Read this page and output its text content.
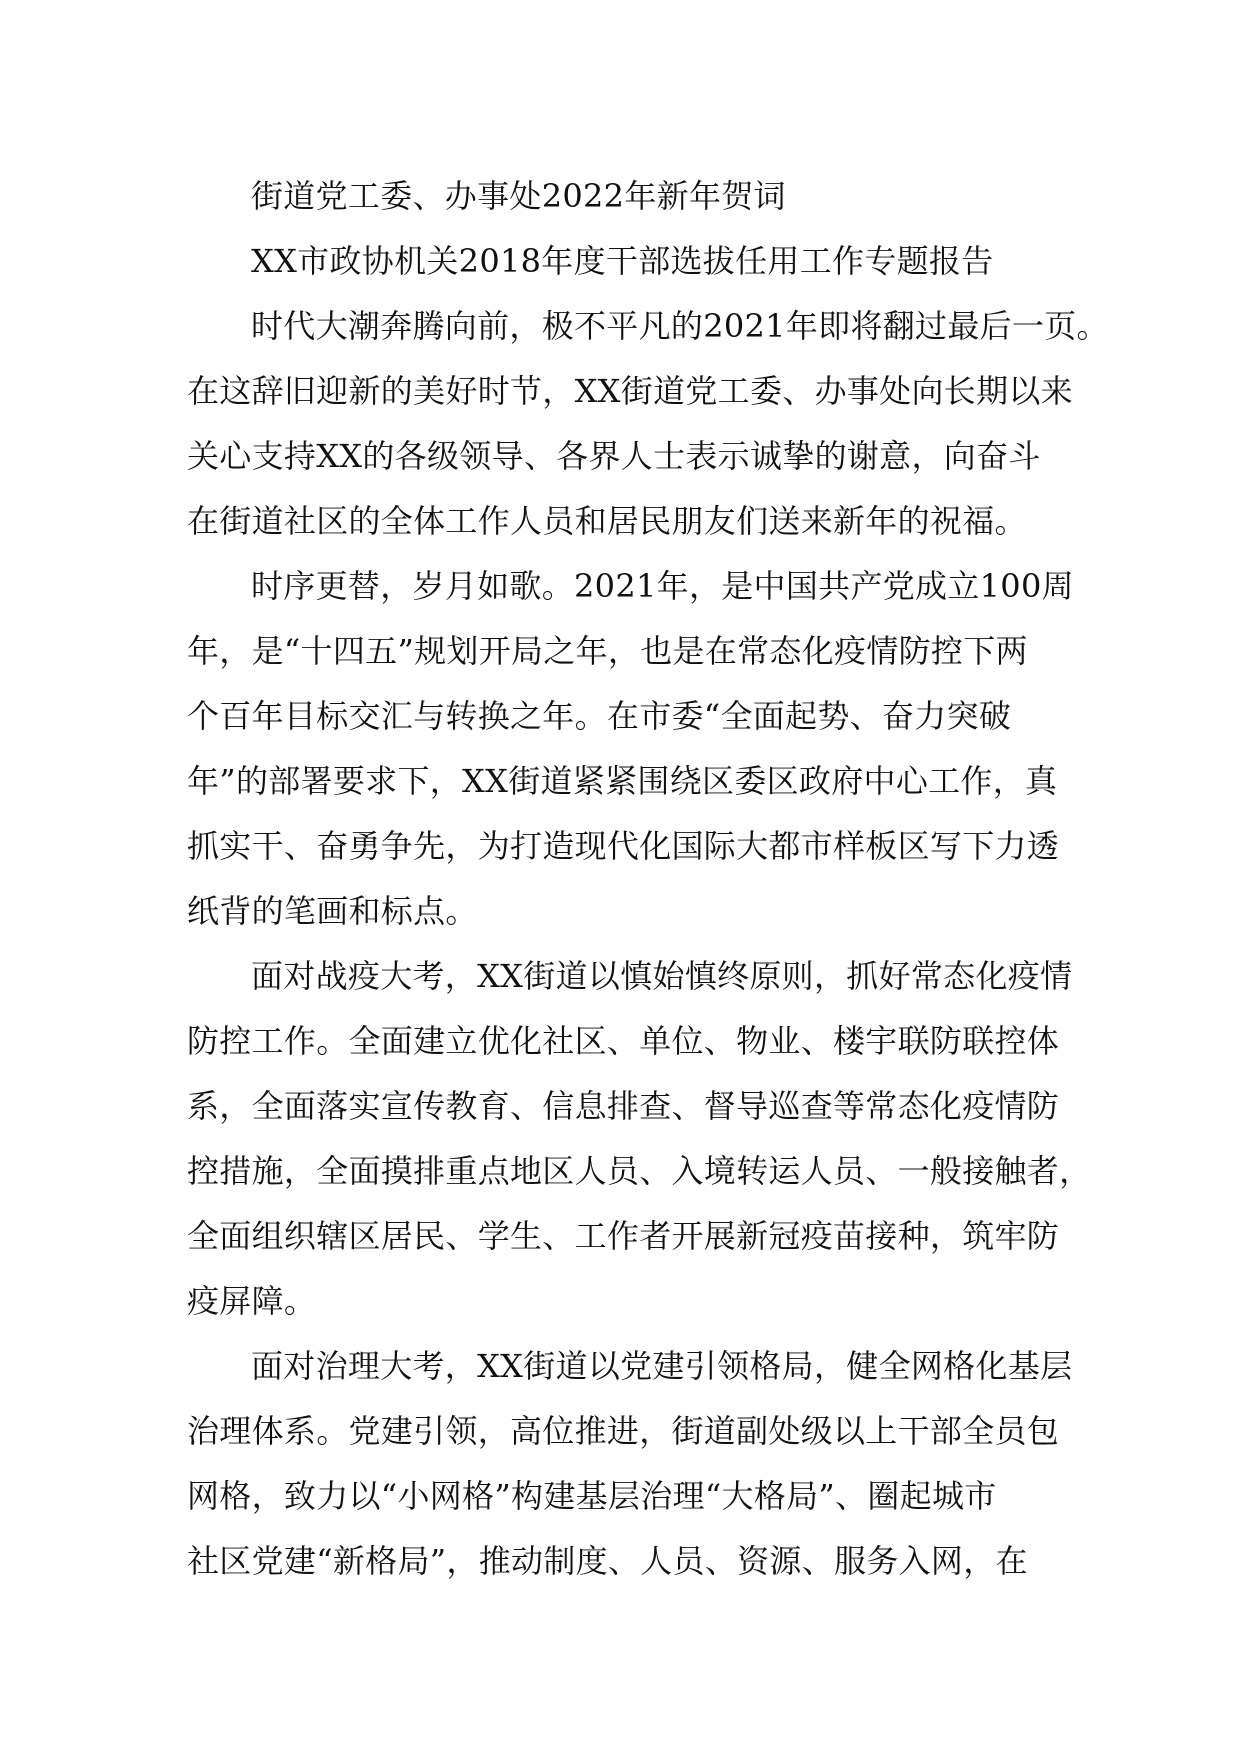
街道党工委、办事处2022年新年贺词

XX市政协机关2018年度干部选拔任用工作专题报告

时代大潮奔腾向前，极不平凡的2021年即将翻过最后一页。

在这辞旧迎新的美好时节，XX街道党工委、办事处向长期以来

关心支持XX的各级领导、各界人士表示诚挚的谢意，向奋斗

在街道社区的全体工作人员和居民朋友们送来新年的祝福。

时序更替，岁月如歌。2021年，是中国共产党成立100周

年，是“十四五”规划开局之年，也是在常态化疫情防控下两

个百年目标交汇与转换之年。在市委“全面起势、奋力突破

年”的部署要求下，XX街道紧紧围绕区委区政府中心工作，真

抓实干、奋勇争先，为打造现代化国际大都市样板区写下力透

纸背的笔画和标点。

面对战疫大考，XX街道以慎始慎终原则，抓好常态化疫情

防控工作。全面建立优化社区、单位、物业、楼宇联防联控体

系，全面落实宣传教育、信息排查、督导巡查等常态化疫情防

控措施，全面摸排重点地区人员、入境转运人员、一般接触者，

全面组织辖区居民、学生、工作者开展新冠疫苗接种，筑牢防

疫屏障。

面对治理大考，XX街道以党建引领格局，健全网格化基层

治理体系。党建引领，高位推进，街道副处级以上干部全员包

网格，致力以“小网格”构建基层治理“大格局”、圈起城市

社区党建“新格局”，推动制度、人员、资源、服务入网，在
